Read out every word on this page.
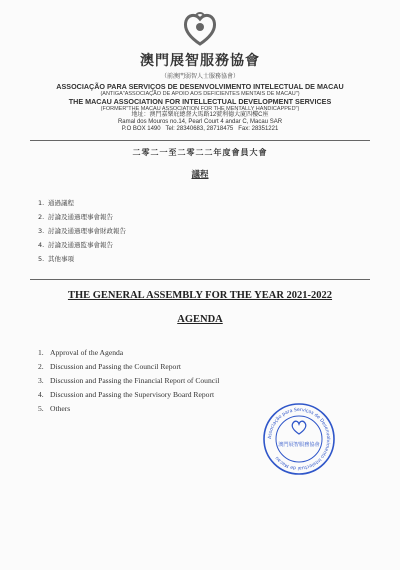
澳門展智服務協會
（前澳門弱智人士服務協會）
ASSOCIAÇÃO PARA SERVIÇOS DE DESENVOLVIMENTO INTELECTUAL DE MACAU
(ANTIGA"ASSOCIAÇÃO DE APOIO AOS DEFICIENTES MENTAIS DE MACAU")
THE MACAU ASSOCIATION FOR INTELLECTUAL DEVELOPMENT SERVICES
(FORMER"THE MACAU ASSOCIATION FOR THE MENTALLY HANDICAPPED")
地址：澳門嘉樂庇總督大馬路12號利德大廈四樓C座
Ramal dos Mouros no.14, Pearl Court 4 andar C, Macau SAR
P.O BOX 1490 Tel: 28340683, 28718475 Fax: 28351221
二零二一至二零二二年度會員大會
議程
1. 通過議程
2. 討論及通過理事會報告
3. 討論及通過理事會財政報告
4. 討論及通過監事會報告
5. 其他事項
THE GENERAL ASSEMBLY FOR THE YEAR 2021-2022
AGENDA
1. Approval of the Agenda
2. Discussion and Passing the Council Report
3. Discussion and Passing the Financial Report of Council
4. Discussion and Passing the Supervisory Board Report
5. Others
Associação para Serviços de Desenvolvimento Intelectual de Macau
澳門展智服務協會
